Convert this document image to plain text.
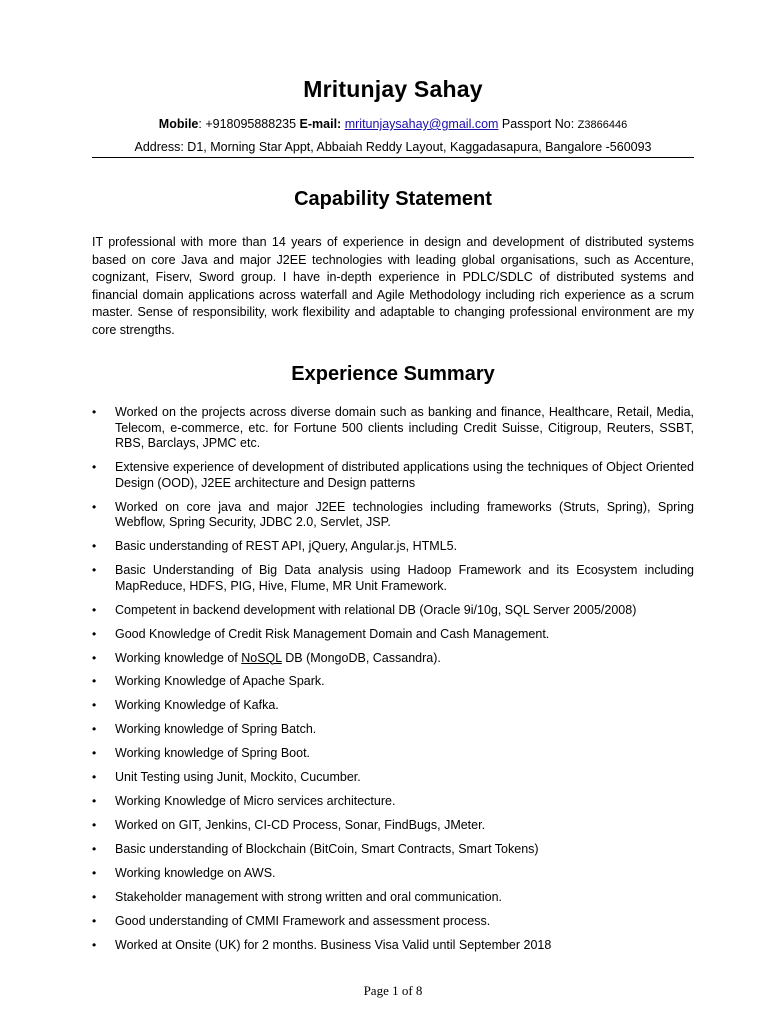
Mritunjay Sahay
Mobile: +918095888235 E-mail: mritunjaysahay@gmail.com Passport No: Z3866446
Address: D1, Morning Star Appt, Abbaiah Reddy Layout, Kaggadasapura, Bangalore -560093
Capability Statement
IT professional with more than 14 years of experience in design and development of distributed systems based on core Java and major J2EE technologies with leading global organisations, such as Accenture, cognizant, Fiserv, Sword group. I have in-depth experience in PDLC/SDLC of distributed systems and financial domain applications across waterfall and Agile Methodology including rich experience as a scrum master. Sense of responsibility, work flexibility and adaptable to changing professional environment are my core strengths.
Experience Summary
• Worked on the projects across diverse domain such as banking and finance, Healthcare, Retail, Media, Telecom, e-commerce, etc. for Fortune 500 clients including Credit Suisse, Citigroup, Reuters, SSBT, RBS, Barclays, JPMC etc.
• Extensive experience of development of distributed applications using the techniques of Object Oriented Design (OOD), J2EE architecture and Design patterns
• Worked on core java and major J2EE technologies including frameworks (Struts, Spring), Spring Webflow, Spring Security, JDBC 2.0, Servlet, JSP.
• Basic understanding of REST API, jQuery, Angular.js, HTML5.
• Basic Understanding of Big Data analysis using Hadoop Framework and its Ecosystem including MapReduce, HDFS, PIG, Hive, Flume, MR Unit Framework.
• Competent in backend development with relational DB (Oracle 9i/10g, SQL Server 2005/2008)
• Good Knowledge of Credit Risk Management Domain and Cash Management.
• Working knowledge of NoSQL DB (MongoDB, Cassandra).
• Working Knowledge of Apache Spark.
• Working Knowledge of Kafka.
• Working knowledge of Spring Batch.
• Working knowledge of Spring Boot.
• Unit Testing using Junit, Mockito, Cucumber.
• Working Knowledge of Micro services architecture.
• Worked on GIT, Jenkins, CI-CD Process, Sonar, FindBugs, JMeter.
• Basic understanding of Blockchain (BitCoin, Smart Contracts, Smart Tokens)
• Working knowledge on AWS.
• Stakeholder management with strong written and oral communication.
• Good understanding of CMMI Framework and assessment process.
• Worked at Onsite (UK) for 2 months. Business Visa Valid until September 2018
Page 1 of 8
